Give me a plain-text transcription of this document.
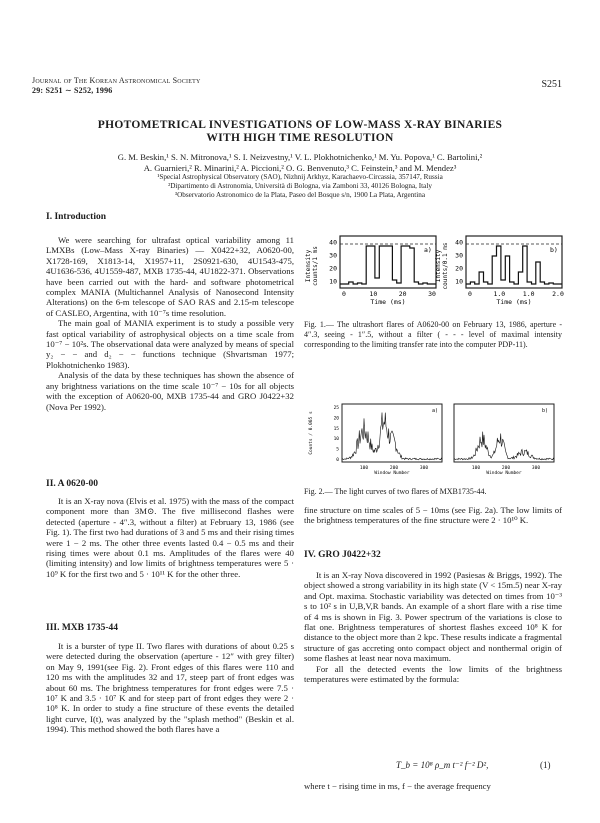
Journal of The Korean Astronomical Society
29: S251 ∼ S252, 1996
S251
PHOTOMETRICAL INVESTIGATIONS OF LOW-MASS X-RAY BINARIES
WITH HIGH TIME RESOLUTION
G. M. Beskin,¹ S. N. Mitronova,¹ S. I. Neizvestny,¹ V. L. Plokhotnichenko,¹ M. Yu. Popova,¹ C. Bartolini,²
A. Guarnieri,² R. Minarini,² A. Piccioni,² O. G. Benvenuto,³ C. Feinstein,³ and M. Mendez³
¹Special Astrophysical Observatory (SAO), Nizhnij Arkhyz, Karachaevo-Circassia, 357147, Russia
²Dipartimento di Astronomia, Università di Bologna, via Zamboni 33, 40126 Bologna, Italy
³Observatorio Astronomico de la Plata, Paseo del Bosque s/n, 1900 La Plata, Argentina
I. Introduction

We were searching for ultrafast optical variability among 11 LMXBs (Low–Mass X-ray Binaries) — X0422+32, A0620-00, X1728-169, X1813-14, X1957+11, 2S0921-630, 4U1543-475, 4U1636-536, 4U1559-487, MXB 1735-44, 4U1822-371. Observations have been carried out with the hard- and software photometrical complex MANIA (Multichannel Analysis of Nanosecond Intensity Alterations) on the 6-m telescope of SAO RAS and 2.15-m telescope of CASLEO, Argentina, with 10⁻⁷s time resolution.

The main goal of MANIA experiment is to study a possible very fast optical variability of astrophysical objects on a time scale from 10⁻⁷ − 10²s. The observational data were analyzed by means of special y₂ − − and d₂ − − functions technique (Shvartsman 1977; Plokhotnichenko 1983).

Analysis of the data by these techniques has shown the absence of any brightness variations on the time scale 10⁻⁷ − 10s for all objects with the exception of A0620-00, MXB 1735-44 and GRO J0422+32 (Nova Per 1992).

II. A 0620-00

It is an X-ray nova (Elvis et al. 1975) with the mass of the compact component more than 3M⊙. The five millisecond flashes were detected (aperture - 4″.3, without a filter) at February 13, 1986 (see Fig. 1). The first two had durations of 3 and 5 ms and their rising times were 1 − 2 ms. The other three events lasted 0.4 − 0.5 ms and their rising times were about 0.1 ms. Amplitudes of the flares were 40 (limiting intensity) and low limits of brightness temperatures were 5 · 10⁹ K for the first two and 5 · 10¹¹ K for the other three.

III. MXB 1735-44

It is a burster of type II. Two flares with durations of about 0.25 s were detected during the observation (aperture - 12″ with grey filter) on May 9, 1991(see Fig. 2). Front edges of this flares were 110 and 120 ms with the amplitudes 32 and 17, steep part of front edges was about 60 ms. The brightness temperatures for front edges were 7.5 · 10⁷ K and 3.5 · 10⁷ K and for steep part of front edges they were 2 · 10⁸ K. In order to study a fine structure of these events the detailed light curve, I(t), was analyzed by the "splash method" (Beskin et al. 1994). This method showed the both flares have a

Intensity counts/1 ms
40
30
20
10
0	10	20	30
a)
Time (ms)
Intensity counts/0.1 ms
40
30
20
10
0	1.0	1.0	2.0
b)
Time (ms)

Fig. 1.— The ultrashort flares of A0620-00 on February 13, 1986, aperture - 4″.3, seeing - 1″.5, without a filter ( - - - level of maximal intensity corresponding to the limiting transfer rate into the computer PDP-11).

Counts / 0.005 s
25
20
15
10
5
0
100	200	300
a)
Window Number
100	200	300
b)
Window Number

Fig. 2.— The light curves of two flares of MXB1735-44.

fine structure on time scales of 5 − 10ms (see Fig. 2a). The low limits of the brightness temperatures of the fine structure were 2 · 10¹⁰ K.

IV. GRO J0422+32

It is an X-ray Nova discovered in 1992 (Pasiesas & Briggs, 1992). The object showed a strong variability in its high state (V < 15m.5) near X-ray and Opt. maxima. Stochastic variability was detected on times from 10⁻³ s to 10² s in U,B,V,R bands. An example of a short flare with a rise time of 4 ms is shown in Fig. 3. Power spectrum of the variations is close to flat one. Brightness temperatures of shortest flashes exceed 10⁸ K for distance to the object more than 2 kpc. These results indicate a fragmental structure of gas accreting onto compact object and nonthermal origin of some flashes at least near nova maximum.

For all the detected events the low limits of the brightness temperatures were estimated by the formula:

T_b = 10⁸ ρ_m t⁻² f⁻² D²,	(1)

where t − rising time in ms, f − the average frequency
